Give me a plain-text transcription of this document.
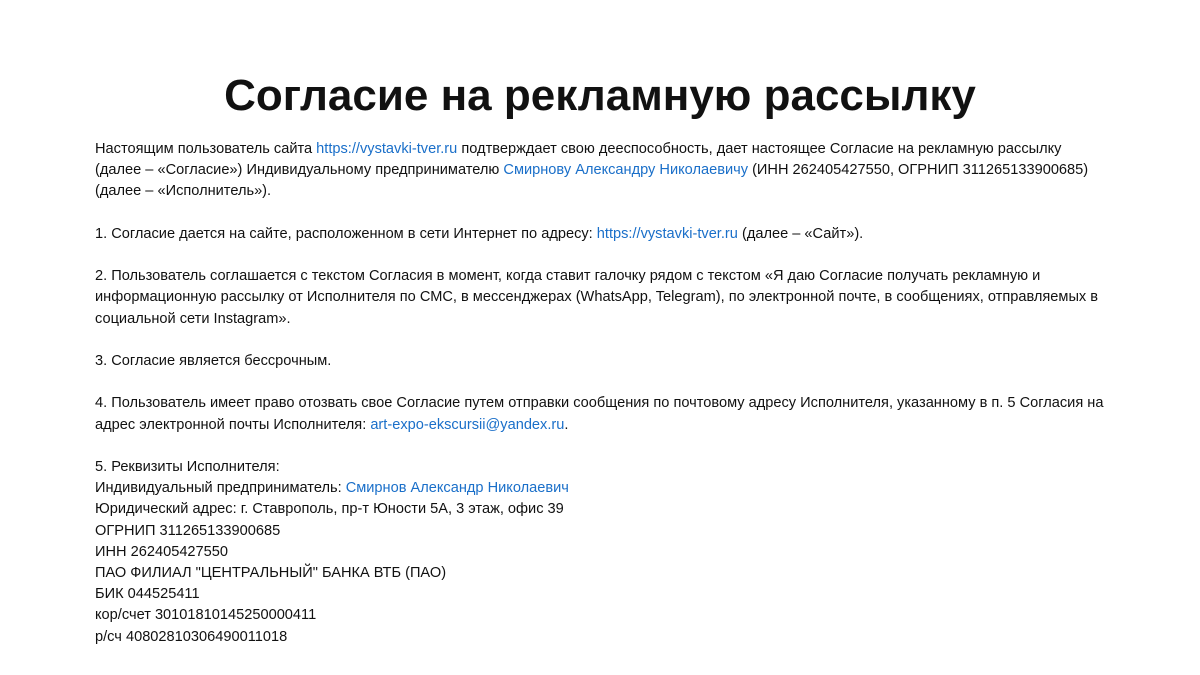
Согласие на рекламную рассылку

Настоящим пользователь сайта https://vystavki-tver.ru подтверждает свою дееспособность, дает настоящее Согласие на рекламную рассылку (далее – «Согласие») Индивидуальному предпринимателю Смирнову Александру Николаевичу (ИНН 262405427550, ОГРНИП 311265133900685) (далее – «Исполнитель»).

1. Согласие дается на сайте, расположенном в сети Интернет по адресу: https://vystavki-tver.ru (далее – «Сайт»).

2. Пользователь соглашается с текстом Согласия в момент, когда ставит галочку рядом с текстом «Я даю Согласие получать рекламную и информационную рассылку от Исполнителя по СМС, в мессенджерах (WhatsApp, Telegram), по электронной почте, в сообщениях, отправляемых в социальной сети Instagram».

3. Согласие является бессрочным.

4. Пользователь имеет право отозвать свое Согласие путем отправки сообщения по почтовому адресу Исполнителя, указанному в п. 5 Согласия на адрес электронной почты Исполнителя: art-expo-ekscursii@yandex.ru.

5. Реквизиты Исполнителя:
Индивидуальный предприниматель: Смирнов Александр Николаевич
Юридический адрес: г. Ставрополь, пр-т Юности 5А, 3 этаж, офис 39
ОГРНИП 311265133900685
ИНН 262405427550
ПАО ФИЛИАЛ "ЦЕНТРАЛЬНЫЙ" БАНКА ВТБ (ПАО)
БИК 044525411
кор/счет 30101810145250000411
р/сч 40802810306490011018
